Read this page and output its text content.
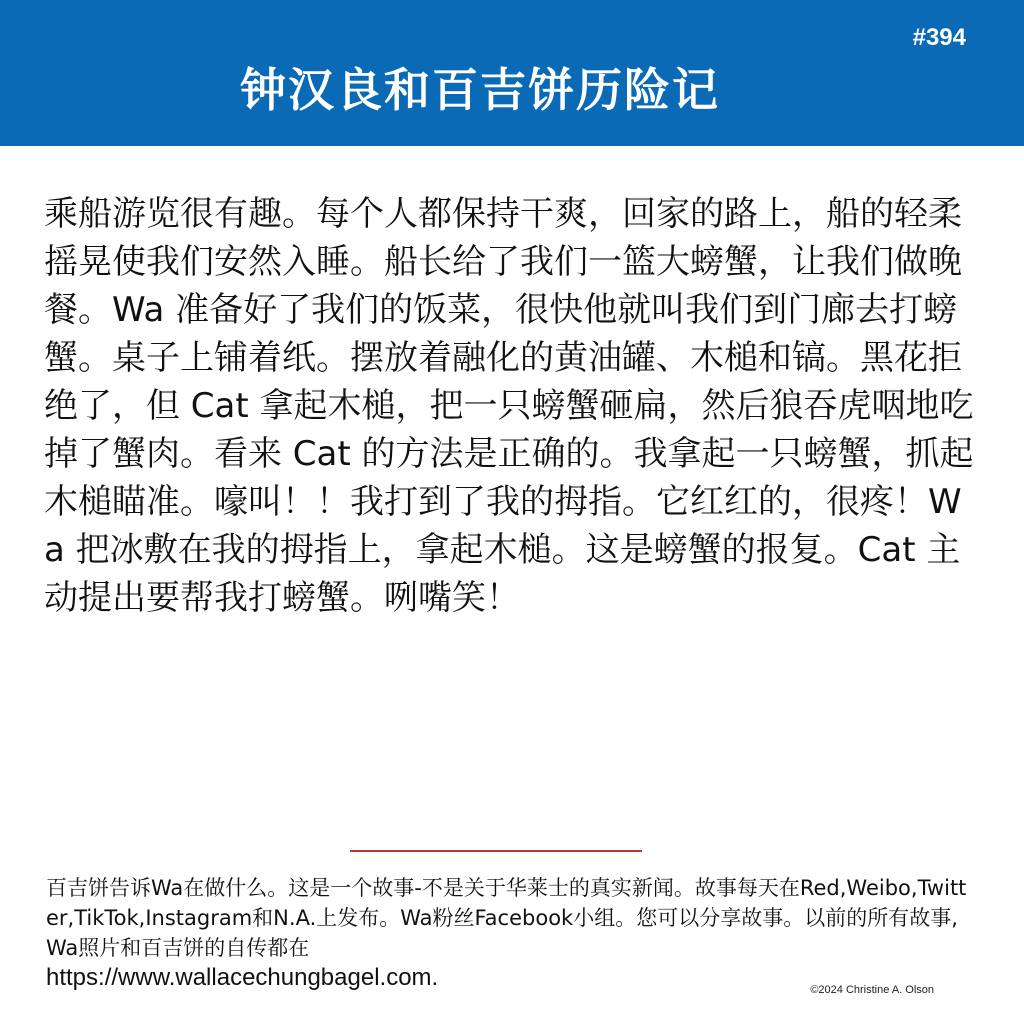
#394
钟汉良和百吉饼历险记

乘船游览很有趣。每个人都保持干爽，回家的路上，船的轻柔摇晃使我们安然入睡。船长给了我们一篮大螃蟹，让我们做晚餐。Wa 准备好了我们的饭菜，很快他就叫我们到门廊去打螃蟹。桌子上铺着纸。摆放着融化的黄油罐、木槌和镐。黑花拒绝了，但 Cat 拿起木槌，把一只螃蟹砸扁，然后狼吞虎咽地吃掉了蟹肉。看来 Cat 的方法是正确的。我拿起一只螃蟹，抓起木槌瞄准。嚎叫！！我打到了我的拇指。它红红的，很疼！Wa 把冰敷在我的拇指上，拿起木槌。这是螃蟹的报复。Cat 主动提出要帮我打螃蟹。咧嘴笑！

百吉饼告诉Wa在做什么。这是一个故事-不是关于华莱士的真实新闻。故事每天在Red,Weibo,Twitter,TikTok,Instagram和N.A.上发布。Wa粉丝Facebook小组。您可以分享故事。以前的所有故事,Wa照片和百吉饼的自传都在
https://www.wallacechungbagel.com.	©2024 Christine A. Olson
